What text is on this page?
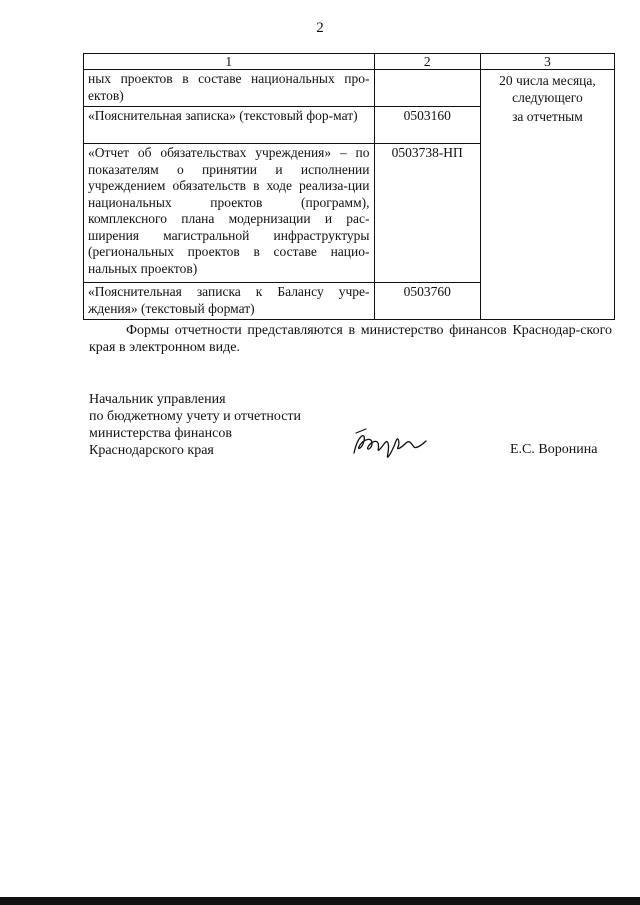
2
1	2	3
ных проектов в составе национальных про-ектов)		20 числа месяца,
следующего
за отчетным

«Пояснительная записка» (текстовый фор-мат)	0503160	
«Отчет об обязательствах учреждения» – по показателям о принятии и исполнении учреждением обязательств в ходе реализа-ции национальных проектов (программ), комплексного плана модернизации и рас-ширения магистральной инфраструктуры (региональных проектов в составе нацио-нальных проектов)	0503738-НП	
«Пояснительная записка к Балансу учре-ждения» (текстовый формат)	0503760	

Формы отчетности представляются в министерство финансов Краснодар-ского края в электронном виде.

Начальник управления
по бюджетному учету и отчетности
министерства финансов
Краснодарского края	Е.С. Воронина
